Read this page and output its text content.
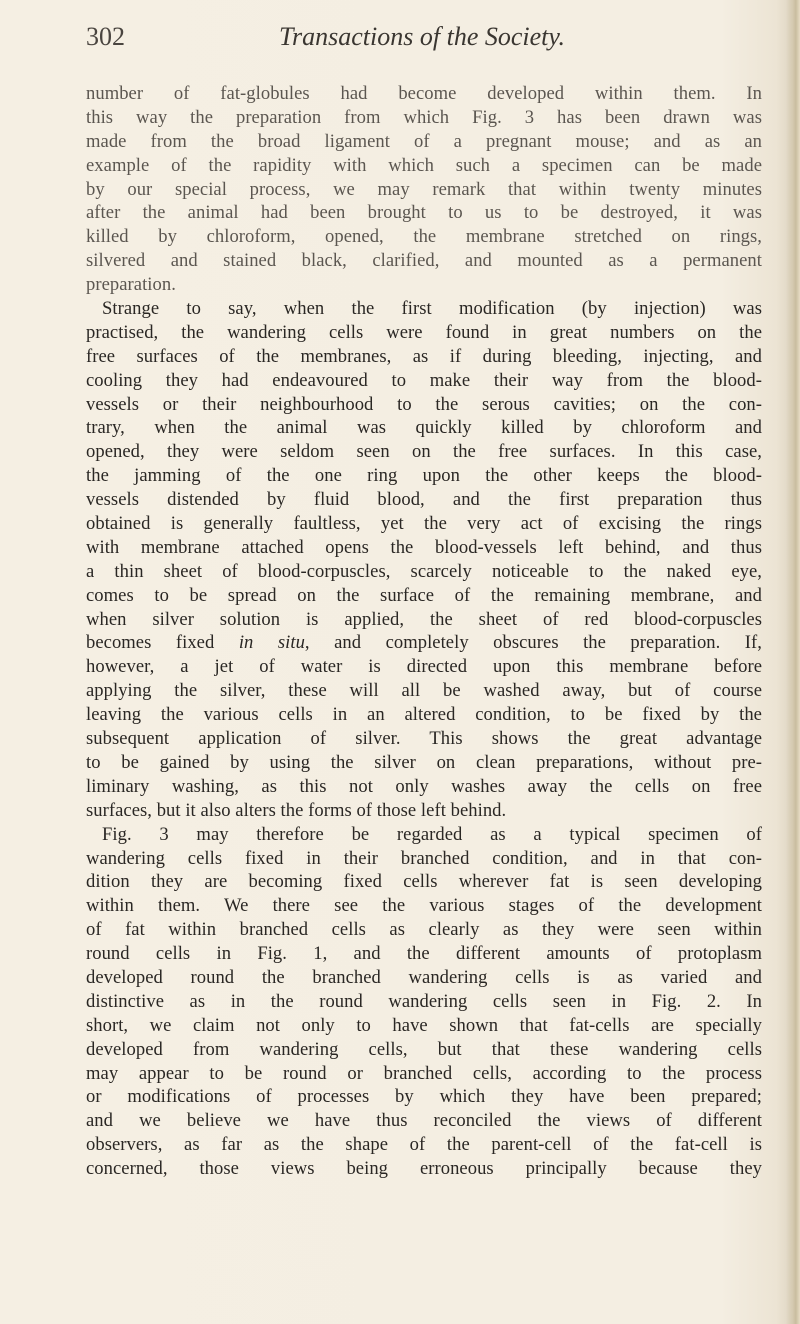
302	Transactions of the Society.
number of fat-globules had become developed within them. In
this way the preparation from which Fig. 3 has been drawn was
made from the broad ligament of a pregnant mouse; and as an
example of the rapidity with which such a specimen can be made
by our special process, we may remark that within twenty minutes
after the animal had been brought to us to be destroyed, it was
killed by chloroform, opened, the membrane stretched on rings,
silvered and stained black, clarified, and mounted as a permanent
preparation.
Strange to say, when the first modification (by injection) was
practised, the wandering cells were found in great numbers on the
free surfaces of the membranes, as if during bleeding, injecting, and
cooling they had endeavoured to make their way from the blood-
vessels or their neighbourhood to the serous cavities; on the con-
trary, when the animal was quickly killed by chloroform and
opened, they were seldom seen on the free surfaces. In this case,
the jamming of the one ring upon the other keeps the blood-
vessels distended by fluid blood, and the first preparation thus
obtained is generally faultless, yet the very act of excising the rings
with membrane attached opens the blood-vessels left behind, and thus
a thin sheet of blood-corpuscles, scarcely noticeable to the naked eye,
comes to be spread on the surface of the remaining membrane, and
when silver solution is applied, the sheet of red blood-corpuscles
becomes fixed in situ, and completely obscures the preparation. If,
however, a jet of water is directed upon this membrane before
applying the silver, these will all be washed away, but of course
leaving the various cells in an altered condition, to be fixed by the
subsequent application of silver. This shows the great advantage
to be gained by using the silver on clean preparations, without pre-
liminary washing, as this not only washes away the cells on free
surfaces, but it also alters the forms of those left behind.
Fig. 3 may therefore be regarded as a typical specimen of
wandering cells fixed in their branched condition, and in that con-
dition they are becoming fixed cells wherever fat is seen developing
within them. We there see the various stages of the development
of fat within branched cells as clearly as they were seen within
round cells in Fig. 1, and the different amounts of protoplasm
developed round the branched wandering cells is as varied and
distinctive as in the round wandering cells seen in Fig. 2. In
short, we claim not only to have shown that fat-cells are specially
developed from wandering cells, but that these wandering cells
may appear to be round or branched cells, according to the process
or modifications of processes by which they have been prepared;
and we believe we have thus reconciled the views of different
observers, as far as the shape of the parent-cell of the fat-cell is
concerned, those views being erroneous principally because they
